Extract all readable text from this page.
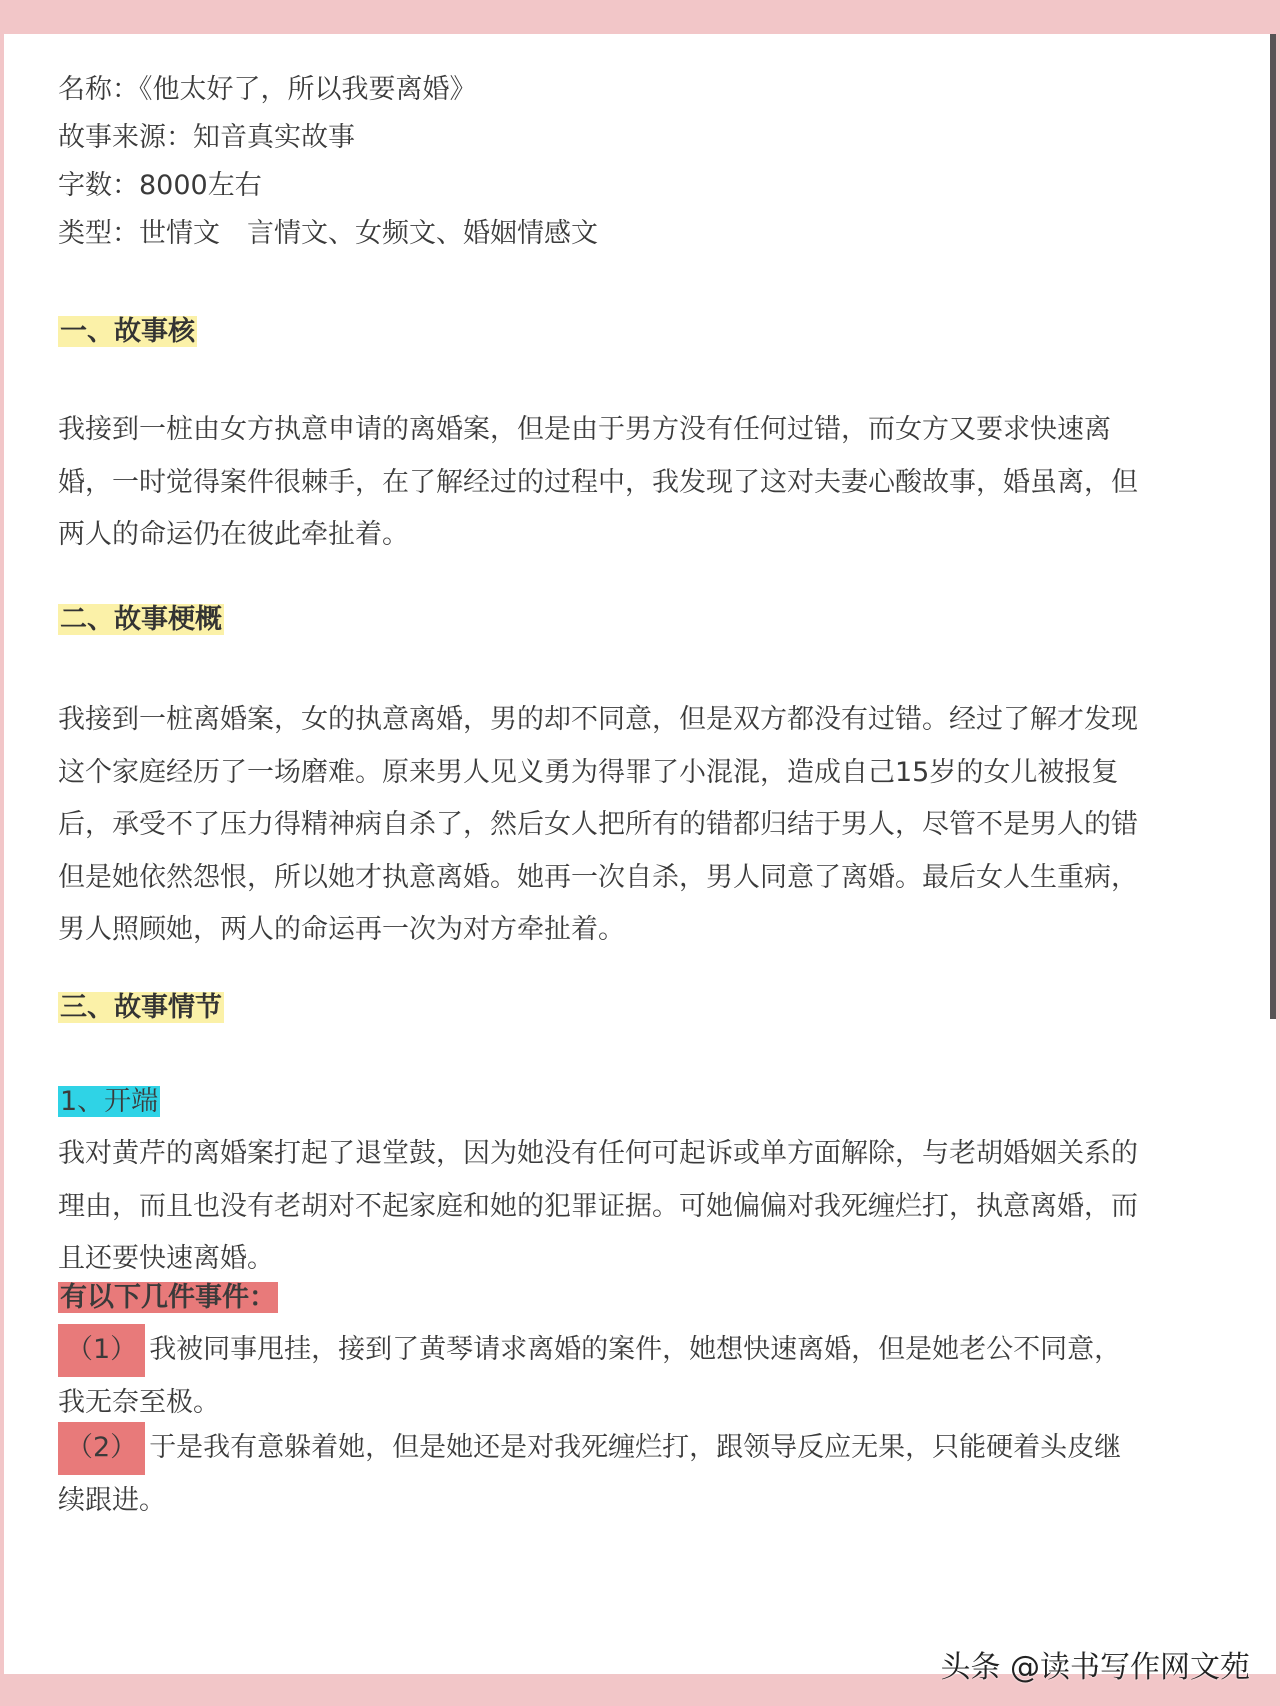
名称：《他太好了，所以我要离婚》
故事来源：知音真实故事
字数：8000左右
类型：世情文　言情文、女频文、婚姻情感文
一、故事核
我接到一桩由女方执意申请的离婚案，但是由于男方没有任何过错，而女方又要求快速离婚，一时觉得案件很棘手，在了解经过的过程中，我发现了这对夫妻心酸故事，婚虽离，但两人的命运仍在彼此牵扯着。
二、故事梗概
我接到一桩离婚案，女的执意离婚，男的却不同意，但是双方都没有过错。经过了解才发现这个家庭经历了一场磨难。原来男人见义勇为得罪了小混混，造成自己15岁的女儿被报复后，承受不了压力得精神病自杀了，然后女人把所有的错都归结于男人，尽管不是男人的错但是她依然怨恨，所以她才执意离婚。她再一次自杀，男人同意了离婚。最后女人生重病，男人照顾她，两人的命运再一次为对方牵扯着。
三、故事情节
1、开端
我对黄芹的离婚案打起了退堂鼓，因为她没有任何可起诉或单方面解除，与老胡婚姻关系的理由，而且也没有老胡对不起家庭和她的犯罪证据。可她偏偏对我死缠烂打，执意离婚，而且还要快速离婚。
有以下几件事件：
（1） 我被同事甩挂，接到了黄琴请求离婚的案件，她想快速离婚，但是她老公不同意，我无奈至极。
（2） 于是我有意躲着她，但是她还是对我死缠烂打，跟领导反应无果，只能硬着头皮继续跟进。
头条 @读书写作网文苑
